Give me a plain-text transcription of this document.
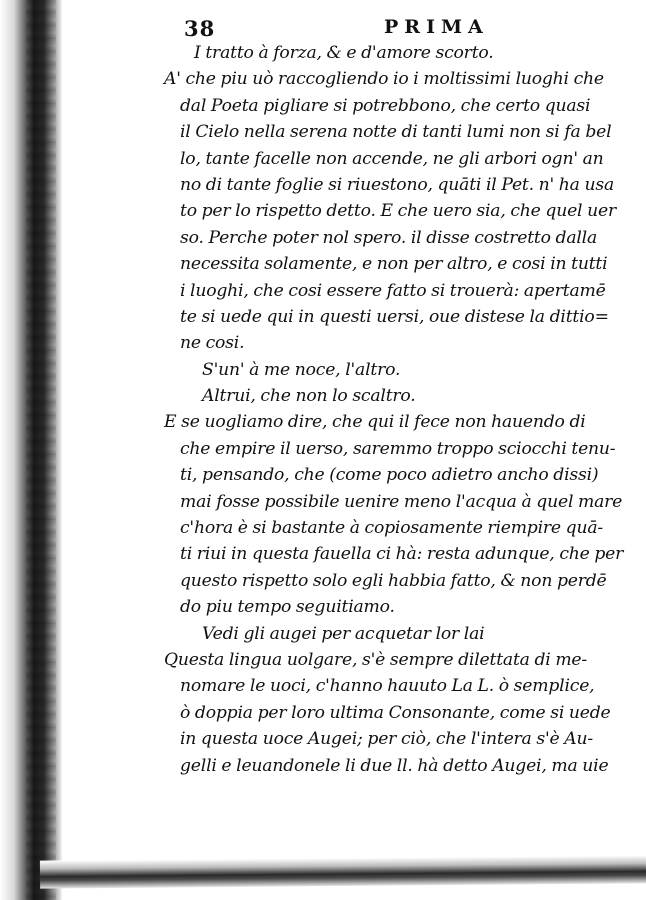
38	PRIMA
I tratto à forza, & e d'amore scorto.
A' che piu uò raccogliendo io i moltissimi luoghi che
dal Poeta pigliare si potrebbono, che certo quasi
il Cielo nella serena notte di tanti lumi non si fa bel
lo, tante facelle non accende, ne gli arbori ogn' an
no di tante foglie si riuestono, quāti il Pet. n' ha usa
to per lo rispetto detto. E che uero sia, che quel uer
so. Perche poter nol spero. il disse costretto dalla
necessita solamente, e non per altro, e cosi in tutti
i luoghi, che cosi essere fatto si trouerà: apertamē
te si uede qui in questi uersi, oue distese la dittio=
ne cosi.
S'un' à me noce, l'altro.
Altrui, che non lo scaltro.
E se uogliamo dire, che qui il fece non hauendo di
che empire il uerso, saremmo troppo sciocchi tenu-
ti, pensando, che (come poco adietro ancho dissi)
mai fosse possibile uenire meno l'acqua à quel mare
c'hora è si bastante à copiosamente riempire quā-
ti riui in questa fauella ci hà: resta adunque, che per
questo rispetto solo egli habbia fatto, & non perdē
do piu tempo seguitiamo.
Vedi gli augei per acquetar lor lai
Questa lingua uolgare, s'è sempre dilettata di me-
nomare le uoci, c'hanno hauuto La L. ò semplice,
ò doppia per loro ultima Consonante, come si uede
in questa uoce Augei; per ciò, che l'intera s'è Au-
gelli e leuandonele li due ll. hà detto Augei, ma uie
